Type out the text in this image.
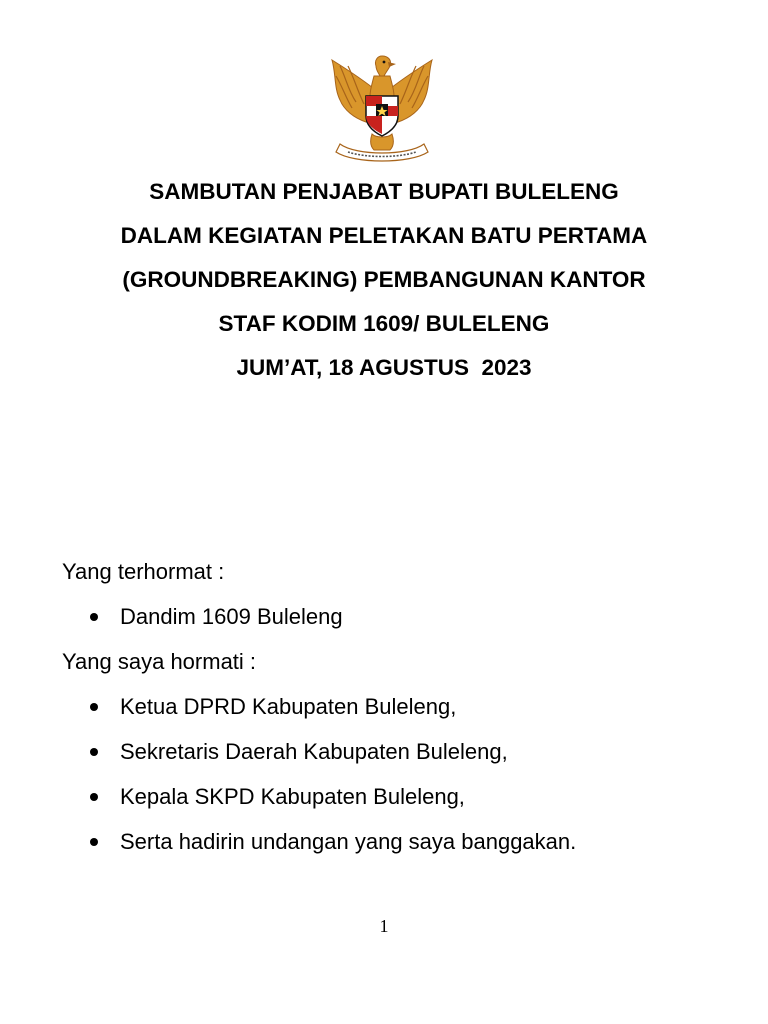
SAMBUTAN PENJABAT BUPATI BULELENG
DALAM KEGIATAN PELETAKAN BATU PERTAMA
(GROUNDBREAKING) PEMBANGUNAN KANTOR
STAF KODIM 1609/ BULELENG
JUM’AT, 18 AGUSTUS  2023
Yang terhormat :
Dandim 1609 Buleleng
Yang saya hormati :
Ketua DPRD Kabupaten Buleleng,
Sekretaris Daerah Kabupaten Buleleng,
Kepala SKPD Kabupaten Buleleng,
Serta hadirin undangan yang saya banggakan.
1
